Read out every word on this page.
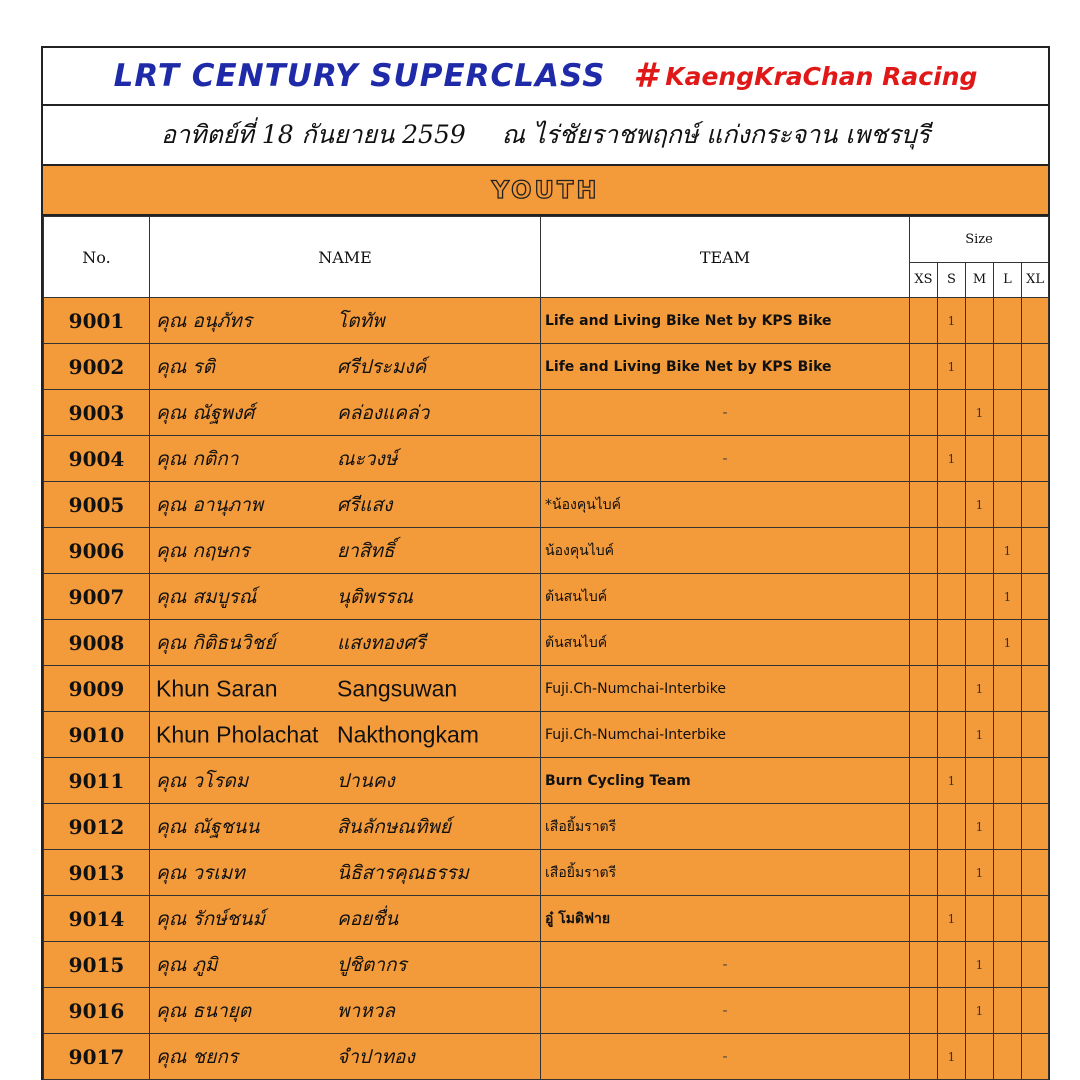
LRT CENTURY SUPERCLASS # KaengKraChan Racing
อาทิตย์ที่ 18 กันยายน 2559 ณ ไร่ชัยราชพฤกษ์ แก่งกระจาน เพชรบุรี
YOUTH
No.	NAME	TEAM	Size				
			XS	S	M	L	XL
9001	คุณ อนุภัทร โตทัพ	Life and Living Bike Net by KPS Bike		1			
9002	คุณ รติ ศรีประมงค์	Life and Living Bike Net by KPS Bike		1			
9003	คุณ ณัฐพงศ์ คล่องแคล่ว	-			1		
9004	คุณ กติกา ณะวงษ์	-		1			
9005	คุณ อานุภาพ ศรีแสง	*น้องคุนไบค์			1		
9006	คุณ กฤษกร ยาสิทธิ์	น้องคุนไบค์				1	
9007	คุณ สมบูรณ์ นุติพรรณ	ต้นสนไบค์				1	
9008	คุณ กิติธนวิชย์ แสงทองศรี	ต้นสนไบค์				1	
9009	Khun Saran Sangsuwan	Fuji.Ch-Numchai-Interbike			1		
9010	Khun Pholachat Nakthongkam	Fuji.Ch-Numchai-Interbike			1		
9011	คุณ วโรดม ปานคง	Burn Cycling Team		1			
9012	คุณ ณัฐชนน สินลักษณทิพย์	เสือยิ้มราตรี			1		
9013	คุณ วรเมท นิธิสารคุณธรรม	เสือยิ้มราตรี			1		
9014	คุณ รักษ์ชนม์ คอยชื่น	อู๋ โมดิฟาย		1			
9015	คุณ ภูมิ ปูชิตากร	-			1		
9016	คุณ ธนายุต พาหวล	-			1		
9017	คุณ ชยกร จำปาทอง	-		1			
